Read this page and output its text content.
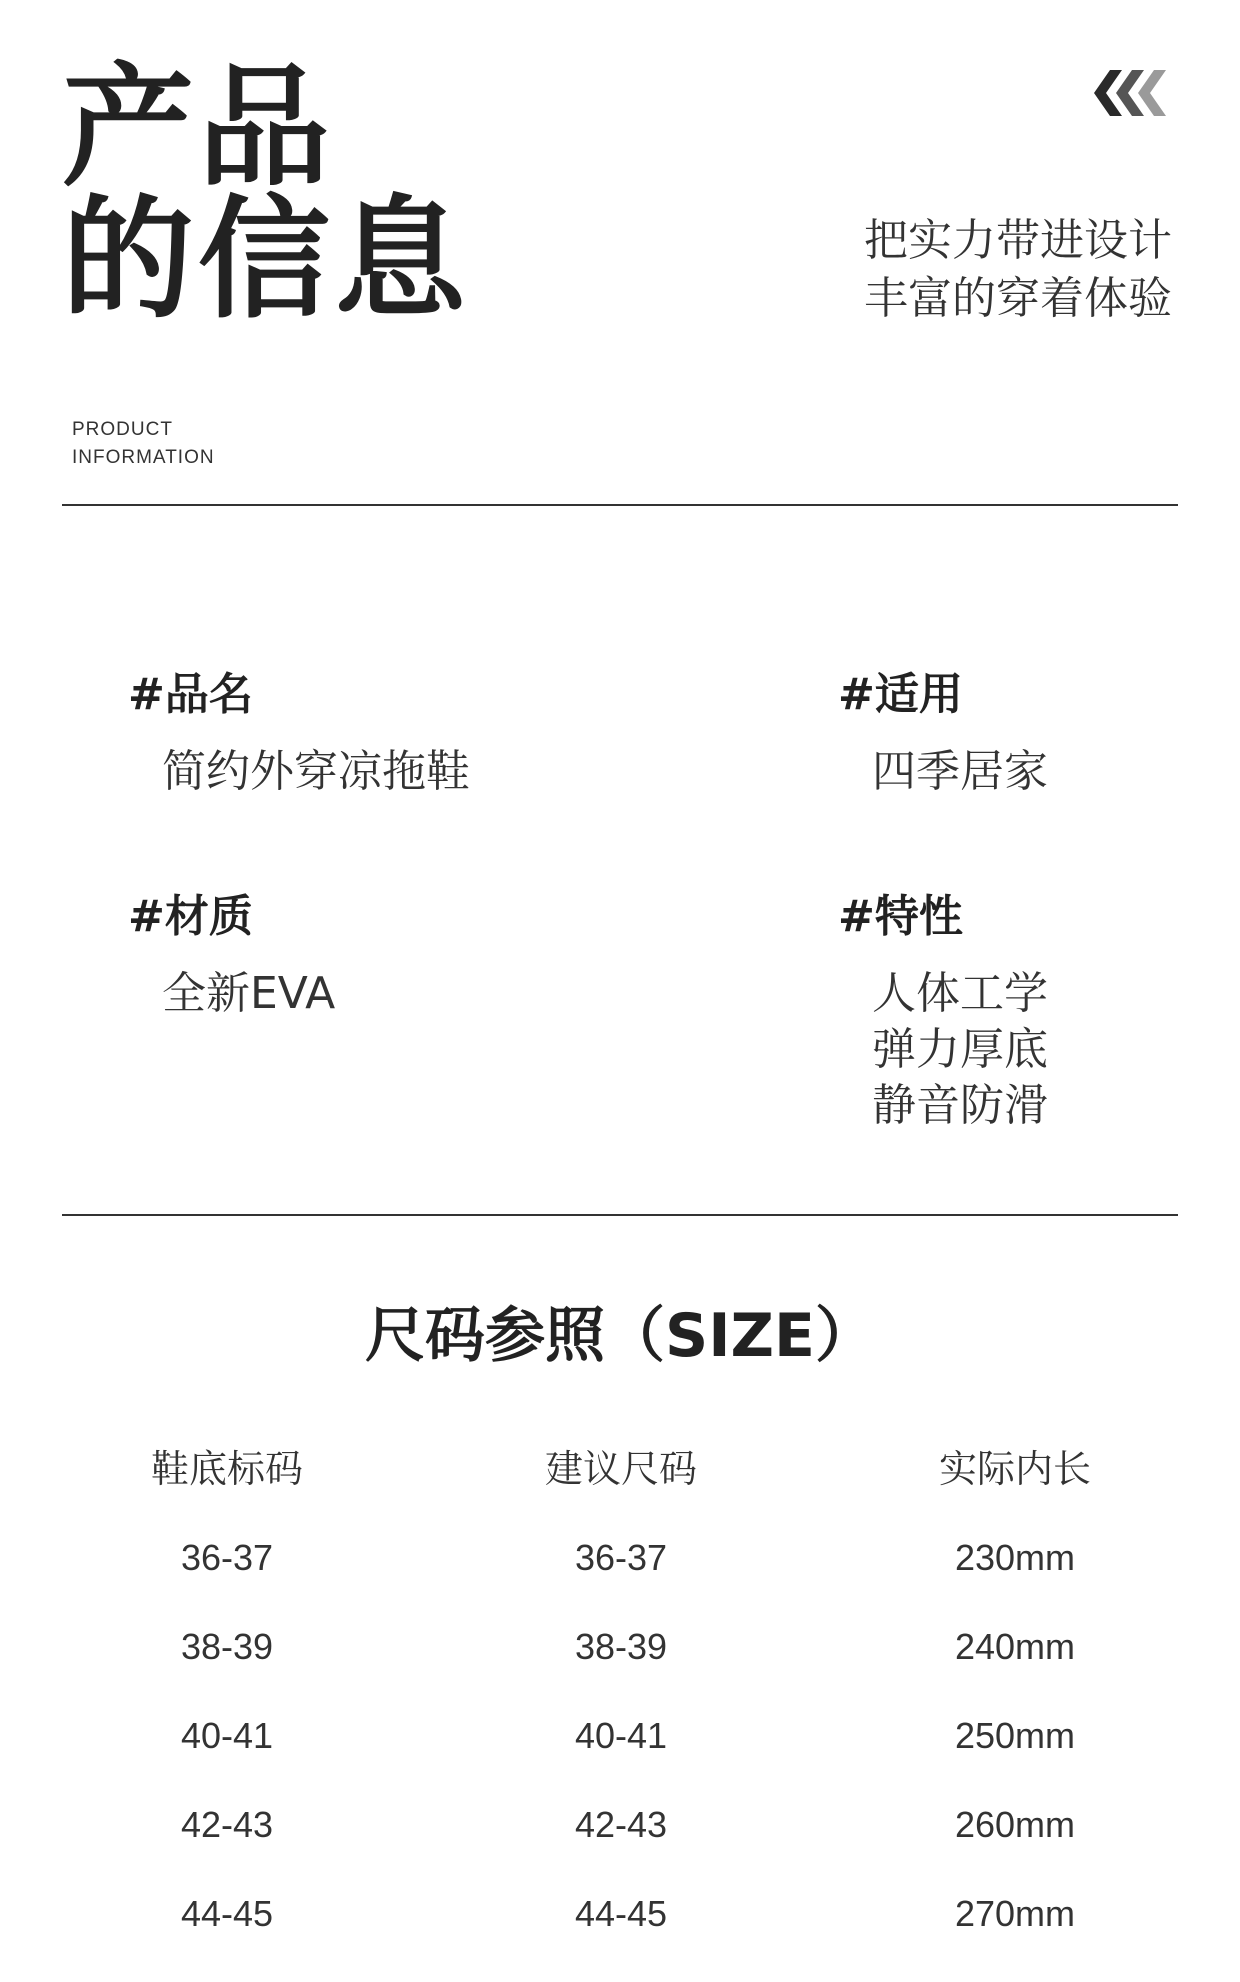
产品
的信息	把实力带进设计
丰富的穿着体验
PRODUCT
INFORMATION
#品名
简约外穿凉拖鞋
#适用
四季居家
#材质
全新EVA
#特性
人体工学
弹力厚底
静音防滑
尺码参照（SIZE）
鞋底标码	建议尺码	实际内长
36-37	36-37	230mm
38-39	38-39	240mm
40-41	40-41	250mm
42-43	42-43	260mm
44-45	44-45	270mm
